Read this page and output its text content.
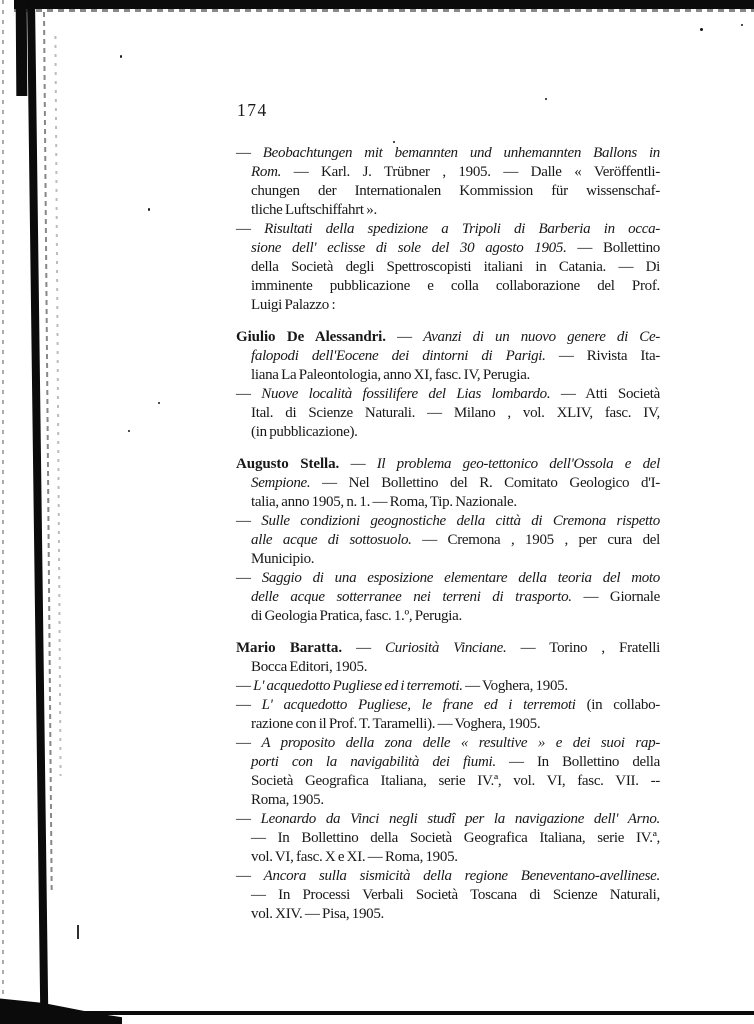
174
— Beobachtungen mit bemannten und unhemannten Ballons in
Rom. — Karl. J. Trübner , 1905. — Dalle « Veröffentli-
chungen der Internationalen Kommission für wissenschaf-
tliche Luftschiffahrt ».
— Risultati della spedizione a Tripoli di Barberia in occa-
sione dell' eclisse di sole del 30 agosto 1905. — Bollettino
della Società degli Spettroscopisti italiani in Catania. — Di
imminente pubblicazione e colla collaborazione del Prof.
Luigi Palazzo :
Giulio De Alessandri. — Avanzi di un nuovo genere di Ce-
falopodi dell'Eocene dei dintorni di Parigi. — Rivista Ita-
liana La Paleontologia, anno XI, fasc. IV, Perugia.
— Nuove località fossilifere del Lias lombardo. — Atti Società
Ital. di Scienze Naturali. — Milano , vol. XLIV, fasc. IV,
(in pubblicazione).
Augusto Stella. — Il problema geo-tettonico dell'Ossola e del
Sempione. — Nel Bollettino del R. Comitato Geologico d'I-
talia, anno 1905, n. 1. — Roma, Tip. Nazionale.
— Sulle condizioni geognostiche della città di Cremona rispetto
alle acque di sottosuolo. — Cremona , 1905 , per cura del
Municipio.
— Saggio di una esposizione elementare della teoria del moto
delle acque sotterranee nei terreni di trasporto. — Giornale
di Geologia Pratica, fasc. 1.º, Perugia.
Mario Baratta. — Curiosità Vinciane. — Torino , Fratelli
Bocca Editori, 1905.
— L' acquedotto Pugliese ed i terremoti. — Voghera, 1905.
— L' acquedotto Pugliese, le frane ed i terremoti (in collabo-
razione con il Prof. T. Taramelli). — Voghera, 1905.
— A proposito della zona delle « resultive » e dei suoi rap-
porti con la navigabilità dei fiumi. — In Bollettino della
Società Geografica Italiana, serie IV.ª, vol. VI, fasc. VII. --
Roma, 1905.
— Leonardo da Vinci negli studî per la navigazione dell' Arno.
— In Bollettino della Società Geografica Italiana, serie IV.ª,
vol. VI, fasc. X e XI. — Roma, 1905.
— Ancora sulla sismicità della regione Beneventano-avellinese.
— In Processi Verbali Società Toscana di Scienze Naturali,
vol. XIV. — Pisa, 1905.
